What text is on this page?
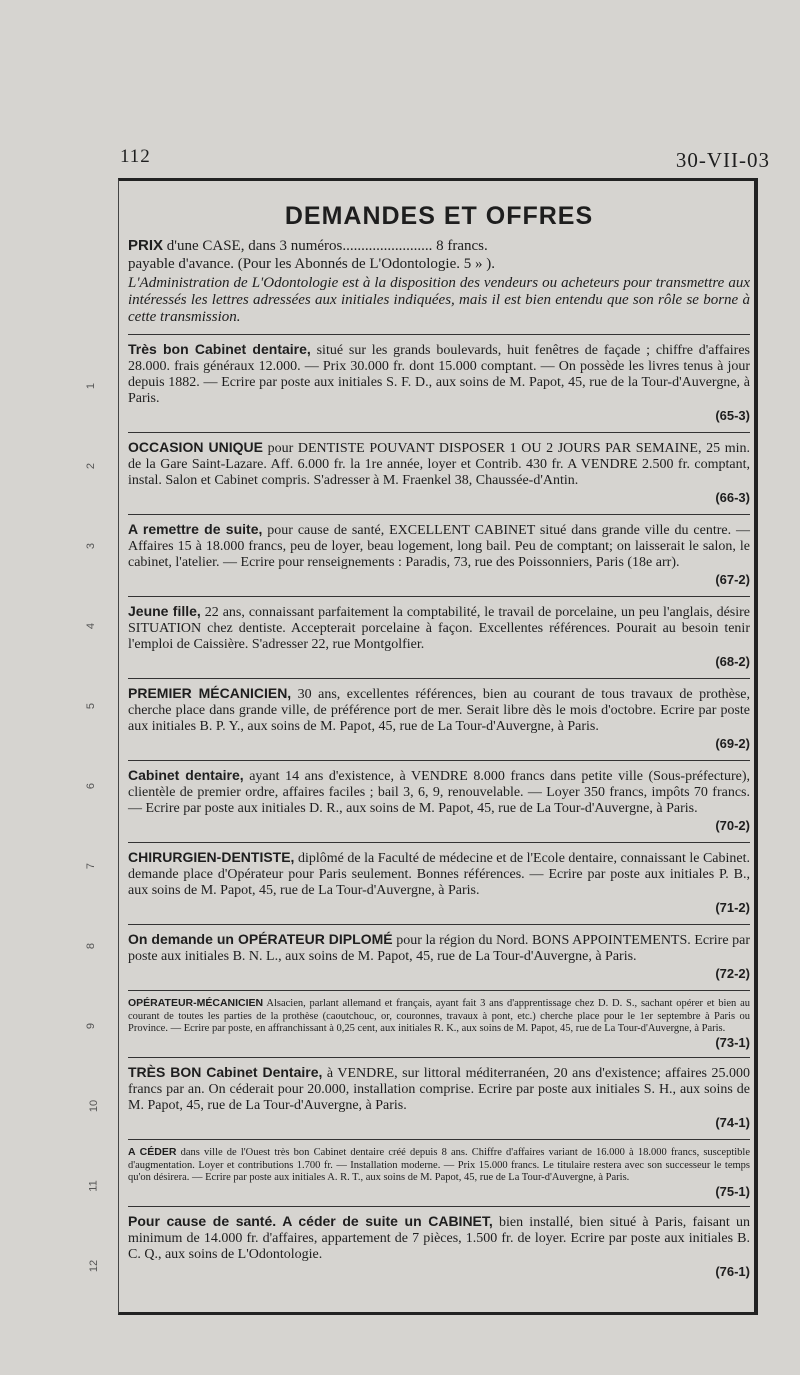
112	30-VII-03
1
2
3
4
5
6
7
8
9
10
11
12
DEMANDES ET OFFRES
PRIX d'une CASE, dans 3 numéros........................ 8 francs.
payable d'avance. (Pour les Abonnés de L'Odontologie. 5 » ).
L'Administration de L'Odontologie est à la disposition des vendeurs ou acheteurs pour transmettre aux intéressés les lettres adressées aux initiales indiquées, mais il est bien entendu que son rôle se borne à cette transmission.
Très bon Cabinet dentaire, situé sur les grands boulevards, huit fenêtres de façade ; chiffre d'affaires 28.000. frais généraux 12.000. — Prix 30.000 fr. dont 15.000 comptant. — On possède les livres tenus à jour depuis 1882. — Ecrire par poste aux initiales S. F. D., aux soins de M. Papot, 45, rue de la Tour-d'Auvergne, à Paris.
(65-3)
OCCASION UNIQUE pour DENTISTE POUVANT DISPOSER 1 OU 2 JOURS PAR SEMAINE, 25 min. de la Gare Saint-Lazare. Aff. 6.000 fr. la 1re année, loyer et Contrib. 430 fr. A VENDRE 2.500 fr. comptant, instal. Salon et Cabinet compris. S'adresser à M. Fraenkel 38, Chaussée-d'Antin.
(66-3)
A remettre de suite, pour cause de santé, EXCELLENT CABINET situé dans grande ville du centre. — Affaires 15 à 18.000 francs, peu de loyer, beau logement, long bail. Peu de comptant; on laisserait le salon, le cabinet, l'atelier. — Ecrire pour renseignements : Paradis, 73, rue des Poissonniers, Paris (18e arr).
(67-2)
Jeune fille, 22 ans, connaissant parfaitement la comptabilité, le travail de porcelaine, un peu l'anglais, désire SITUATION chez dentiste. Accepterait porcelaine à façon. Excellentes références. Pourait au besoin tenir l'emploi de Caissière. S'adresser 22, rue Montgolfier.
(68-2)
PREMIER MÉCANICIEN, 30 ans, excellentes références, bien au courant de tous travaux de prothèse, cherche place dans grande ville, de préférence port de mer. Serait libre dès le mois d'octobre. Ecrire par poste aux initiales B. P. Y., aux soins de M. Papot, 45, rue de La Tour-d'Auvergne, à Paris.
(69-2)
Cabinet dentaire, ayant 14 ans d'existence, à VENDRE 8.000 francs dans petite ville (Sous-préfecture), clientèle de premier ordre, affaires faciles ; bail 3, 6, 9, renouvelable. — Loyer 350 francs, impôts 70 francs. — Ecrire par poste aux initiales D. R., aux soins de M. Papot, 45, rue de La Tour-d'Auvergne, à Paris.
(70-2)
CHIRURGIEN-DENTISTE, diplômé de la Faculté de médecine et de l'Ecole dentaire, connaissant le Cabinet. demande place d'Opérateur pour Paris seulement. Bonnes références. — Ecrire par poste aux initiales P. B., aux soins de M. Papot, 45, rue de La Tour-d'Auvergne, à Paris.
(71-2)
On demande un OPÉRATEUR DIPLOMÉ pour la région du Nord. BONS APPOINTEMENTS. Ecrire par poste aux initiales B. N. L., aux soins de M. Papot, 45, rue de La Tour-d'Auvergne, à Paris.
(72-2)
OPÉRATEUR-MÉCANICIEN Alsacien, parlant allemand et français, ayant fait 3 ans d'apprentissage chez D. D. S., sachant opérer et bien au courant de toutes les parties de la prothèse (caoutchouc, or, couronnes, travaux à pont, etc.) cherche place pour le 1er septembre à Paris ou Province. — Ecrire par poste, en affranchissant à 0,25 cent, aux initiales R. K., aux soins de M. Papot, 45, rue de La Tour-d'Auvergne, à Paris.
(73-1)
TRÈS BON Cabinet Dentaire, à VENDRE, sur littoral méditerranéen, 20 ans d'existence; affaires 25.000 francs par an. On céderait pour 20.000, installation comprise. Ecrire par poste aux initiales S. H., aux soins de M. Papot, 45, rue de La Tour-d'Auvergne, à Paris.
(74-1)
A CÉDER dans ville de l'Ouest très bon Cabinet dentaire créé depuis 8 ans. Chiffre d'affaires variant de 16.000 à 18.000 francs, susceptible d'augmentation. Loyer et contributions 1.700 fr. — Installation moderne. — Prix 15.000 francs. Le titulaire restera avec son successeur le temps qu'on désirera. — Ecrire par poste aux initiales A. R. T., aux soins de M. Papot, 45, rue de La Tour-d'Auvergne, à Paris.
(75-1)
Pour cause de santé. A céder de suite un CABINET, bien installé, bien situé à Paris, faisant un minimum de 14.000 fr. d'affaires, appartement de 7 pièces, 1.500 fr. de loyer. Ecrire par poste aux initiales B. C. Q., aux soins de L'Odontologie.
(76-1)
